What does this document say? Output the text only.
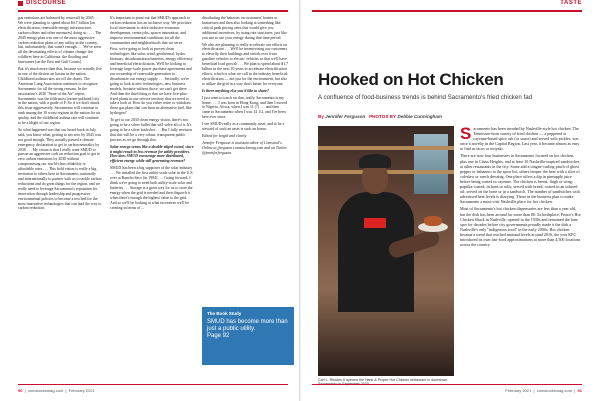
DISCOURSE

gas emissions are balanced by removal) by 2045 . . . We were planning to spend about $4.7 billion [on electrification, renewable energy infrastructure, carbon offsets and other measures] doing so . . . . The 2045 energy plan was one of the most aggressive carbon reduction plans of any utility in the country, but, unfortunately, that wasn't enough . . . We've seen all the devastating effects of climate change: the wildfires here in California, the flooding and hurricanes [on the East and Gulf Coasts].

But it's much more than that, because we actually live in one of the dirtiest air basins in the nation. Childhood asthma rates are off the charts. The American Lung Association continues to recognize Sacramento for all the wrong reasons. In the association's 2020 "State of the Air" report, Sacramento was the fifth-most [ozone-polluted] city in the nation, with a grade of F. So if we don't attack this issue aggressively, Sacramento will continue to rank among the 10 worst regions in the nation for air quality, and the childhood asthma rate will continue to be a blight of our region.

So what happened was that our board back in July said, you know what, getting to net zero by 2045 was not good enough. They actually passed a climate emergency declaration to get to carbon neutrality by 2030 . . . My vision is that I really want SMUD to pursue an aggressive carb on reduction goal to get to zero carbon emissions by 2030 without compromising our world-class reliability or affordable rates . . . This bold vision is really a big invitation to others here in Sacramento, nationally and internationally to partner with us to tackle carbon reductions and do great things for the region, and we really need to leverage Sacramento's reputation for innovation through leadership and progressive environmental policies to become a test bed for the most innovative technologies that can lead the way to carbon reduction.

It's important to point out that SMUD's approach to carbon reduction has an inclusive way. We prioritize local investment to drive inclusive economic development, create jobs, spawn innovation, and improve environmental conditions for all the communities and neighborhoods that we serve.

First, we're going to look at proven clean technologies like solar, wind, geothermal, hydro, biomass, decarbonization batteries, energy efficiency and beneficial electrification. We'll be looking to leverage large-scale power purchase agreements and our ownership of renewable generation to decarbonize our energy supply . . . Secondly, we're going to look at new technologies, new business models, because without those, we can't get there . . . And then the third thing is that we have five-plus-fixed plants in our service territory that we need to take a look at. How do you either retire or withdraw those gas plans that can burn an alternative fuel, like hydrogen?

To get to our 2030 clean energy vision, there's not going to be a silver bullet that will solve all of it. It's going to be a silver buckshot . . . But I fully envision that this will be a very robust, transparent public process as we go through this.

Solar energy seems like a double-edged sword, since it might result in less revenue for utility providers. How does SMUD encourage more distributed, efficient energy while still generating revenue?

SMUD has been a big supporter of the solar industry . . . We installed the first utility-scale solar in the U.S. over at Rancho Seco [in 1984] . . . Going forward, I think we're going to need both utility-scale solar and batteries . . . Storage is a great way for us to store the energy when the grid is needed and then dispatch it when there's enough the highest value to the grid. And so we'll be looking at what incentives we'll be creating in terms of ...

distributing the batteries on customers' homes or businesses and then also looking at something like critical peak pricing rates that would give you additional incentives, by using rate structures, just like you use to use your energy during that time period.

We also are planning to really accelerate our efforts on electrification . . . We'll be incentivizing our customers to electrify their buildings and switch over from gasoline vehicles to electric vehicles so that we'll have beneficial load growth . . . We plan to spend about $1.7 billion in the next 10 years to accelerate electrification efforts, which is what we call in the industry beneficial electrification — not just for the environment, but also to utilize the grid in a way that's better for everyone.

Is there anything else you'd like to share?

I just want to touch on that, really, Sacramento is my home. . . . I was born in Hong Kong, and then I moved to Nigeria, Africa, when I was 11 (?) . . . and then came to Sacramento when I was 14 1/2, and I've been here ever since.

I see SMUD really as a community asset, and to be a steward of such an asset is such an honor.

Edited for length and clarity.

Jennifer Ferguson is assistant editor of Comstock's. Online at jferguson.comstocksmag.com and on Twitter @jenniferferguson.

The Book Study
SMUD has become more than just a public utility.
Page 92
90  |  comstocksmag.com  |  February 2021
TASTE
Hooked on Hot Chicken
A confluence of food-business trends is behind Sacramento's fried chicken fad
By Jennifer Ferguson PHOTOS BY Debbie Cunningham
Carl L. Rhodes II opened the Hank & Proper Hot Chicken restaurant in downtown

Sacramento has been invaded by Nashville-style hot chicken. The Tennessee-born variety of fried chicken — a peppered or cayenne-based spice rub (or sauce) and served with pickles, was once a novelty in the Capital Region. Last year, it became almost as easy to find as tacos or teriyaki.

There are now four businesses in Sacramento focused on hot chicken, plus one in Citrus Heights, and at least 10 Nashville-inspired sandwiches at other restaurants in the city. Some add a tongue-curling pinch of ghost pepper or habanero to the spice list, others temper the heat with a slice of coleslaw or ranch dressing. One place offers a dip in pineapple juice before being coated in cayenne. The chicken is breast, thigh or wing; paprika-coated; in buns or rolls; served with bread; coated in an infused oil; served on the bone or in a sandwich. The number of sandwiches with advertised heat levels is dizzying. Those in the business plan to make Sacramento a must-visit Nashville place for hot chicken.

Most of Sacramento's hot chicken dispensaries are less than a year old, but the dish has been around for more than 80. Its birthplace, Prince's Hot Chicken Shack in Nashville, opened in the 1930s and remained the lone spot for decades before city governments proudly made it the dish a Nashville's only "indigenous food" in the early 2000s. Hot chicken became a trend that reached national levels around 2016, the year KFC introduced its own fast-food approximations at more than 4,500 locations across the country.

February 2021  |  comstocksmag.com  |  91
